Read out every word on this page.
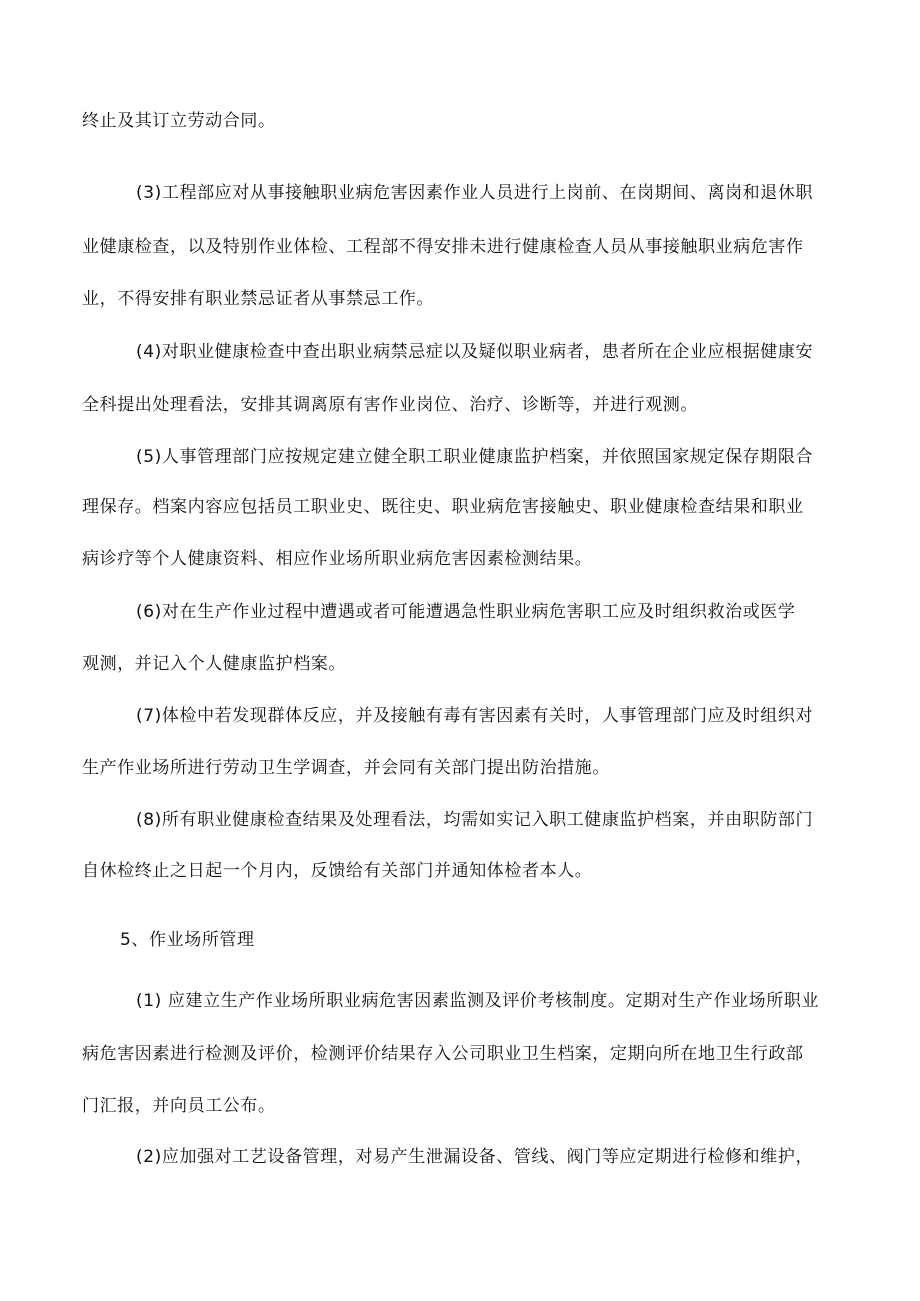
终止及其订立劳动合同。
(3)工程部应对从事接触职业病危害因素作业人员进行上岗前、在岗期间、离岗和退休职
业健康检查，以及特别作业体检、工程部不得安排未进行健康检查人员从事接触职业病危害作
业，不得安排有职业禁忌证者从事禁忌工作。
(4)对职业健康检查中查出职业病禁忌症以及疑似职业病者，患者所在企业应根据健康安
全科提出处理看法，安排其调离原有害作业岗位、治疗、诊断等，并进行观测。
(5)人事管理部门应按规定建立健全职工职业健康监护档案，并依照国家规定保存期限合
理保存。档案内容应包括员工职业史、既往史、职业病危害接触史、职业健康检查结果和职业
病诊疗等个人健康资料、相应作业场所职业病危害因素检测结果。
(6)对在生产作业过程中遭遇或者可能遭遇急性职业病危害职工应及时组织救治或医学
观测，并记入个人健康监护档案。
(7)体检中若发现群体反应，并及接触有毒有害因素有关时，人事管理部门应及时组织对
生产作业场所进行劳动卫生学调查，并会同有关部门提出防治措施。
(8)所有职业健康检查结果及处理看法，均需如实记入职工健康监护档案，并由职防部门
自休检终止之日起一个月内，反馈给有关部门并通知体检者本人。
5、作业场所管理
(1) 应建立生产作业场所职业病危害因素监测及评价考核制度。定期对生产作业场所职业
病危害因素进行检测及评价，检测评价结果存入公司职业卫生档案，定期向所在地卫生行政部
门汇报，并向员工公布。
(2)应加强对工艺设备管理，对易产生泄漏设备、管线、阀门等应定期进行检修和维护，
